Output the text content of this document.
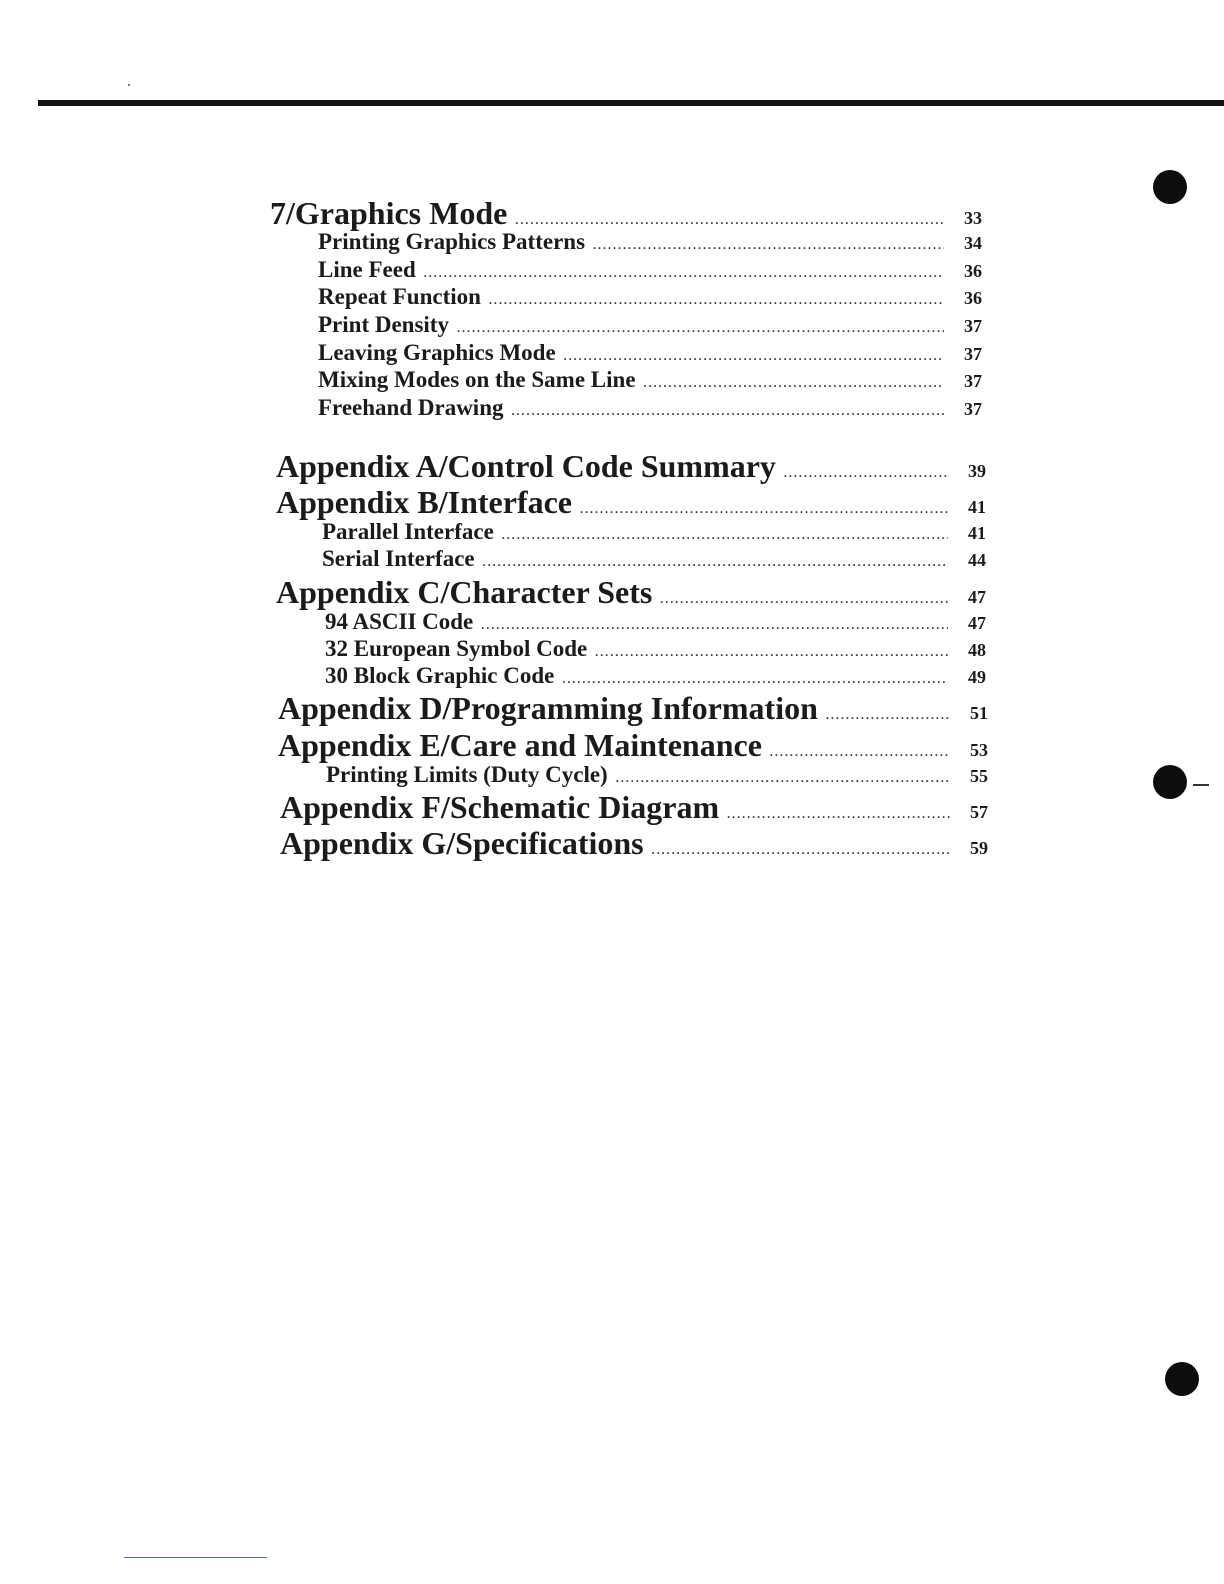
7/Graphics Mode .....	33
Printing Graphics Patterns .....	34
Line Feed .....	36
Repeat Function .....	36
Print Density .....	37
Leaving Graphics Mode .....	37
Mixing Modes on the Same Line .....	37
Freehand Drawing .....	37
Appendix A/Control Code Summary .....	39
Appendix B/Interface .....	41
Parallel Interface .....	41
Serial Interface .....	44
Appendix C/Character Sets .....	47
94 ASCII Code .....	47
32 European Symbol Code .....	48
30 Block Graphic Code .....	49
Appendix D/Programming Information .....	51
Appendix E/Care and Maintenance .....	53
Printing Limits (Duty Cycle) .....	55
Appendix F/Schematic Diagram .....	57
Appendix G/Specifications .....	59
